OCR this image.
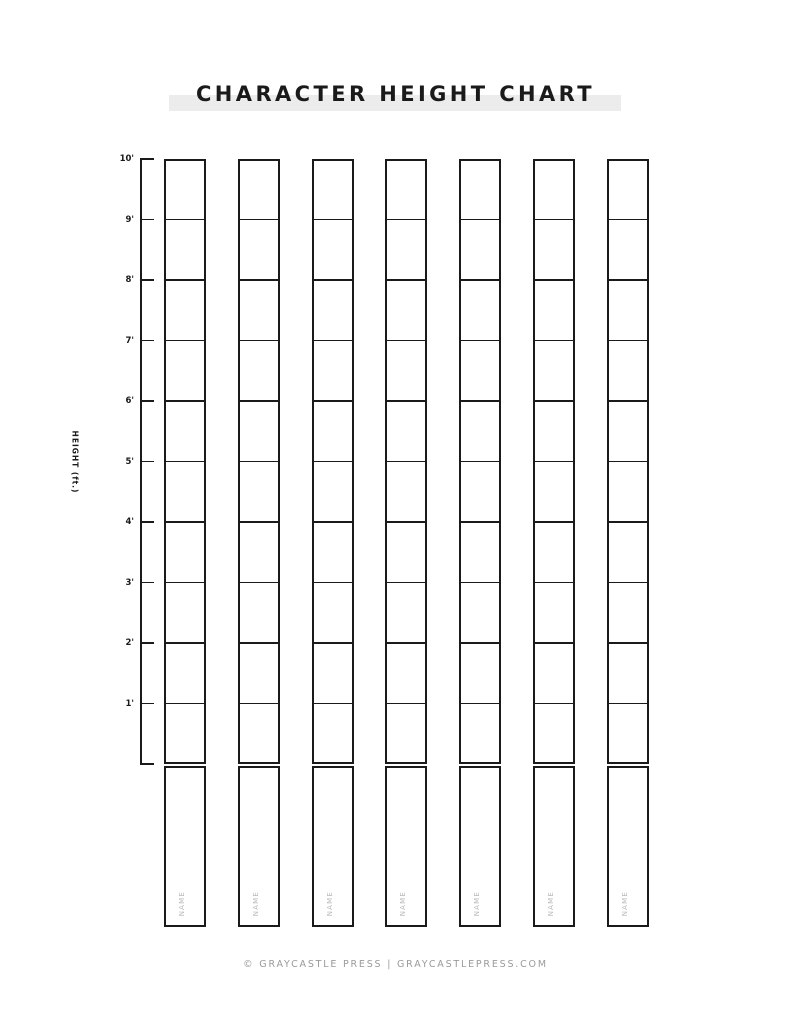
CHARACTER HEIGHT CHART
HEIGHT (ft.)
10'
9'
8'
7'
6'
5'
4'
3'
2'
1'
NAME	NAME	NAME	NAME	NAME	NAME	NAME
© GRAYCASTLE PRESS | GRAYCASTLEPRESS.COM
